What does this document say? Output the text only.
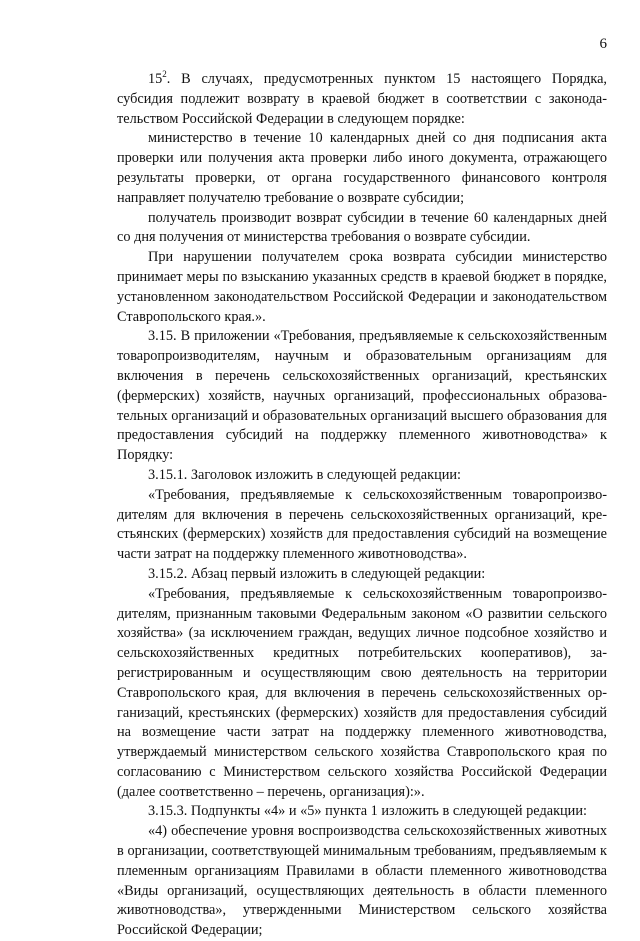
6

$15^2$. В случаях, предусмотренных пунктом 15 настоящего Порядка, субсидия подлежит возврату в краевой бюджет в соответствии с законодательством Российской Федерации в следующем порядке:

министерство в течение 10 календарных дней со дня подписания акта проверки или получения акта проверки либо иного документа, отражающего результаты проверки, от органа государственного финансового контроля направляет получателю требование о возврате субсидии;

получатель производит возврат субсидии в течение 60 календарных дней со дня получения от министерства требования о возврате субсидии.

При нарушении получателем срока возврата субсидии министерство принимает меры по взысканию указанных средств в краевой бюджет в порядке, установленном законодательством Российской Федерации и законодательством Ставропольского края.».

3.15. В приложении «Требования, предъявляемые к сельскохозяйственным товаропроизводителям, научным и образовательным организациям для включения в перечень сельскохозяйственных организаций, крестьянских (фермерских) хозяйств, научных организаций, профессиональных образовательных организаций и образовательных организаций высшего образования для предоставления субсидий на поддержку племенного животноводства» к Порядку:

3.15.1. Заголовок изложить в следующей редакции:

«Требования, предъявляемые к сельскохозяйственным товаропроизводителям для включения в перечень сельскохозяйственных организаций, крестьянских (фермерских) хозяйств для предоставления субсидий на возмещение части затрат на поддержку племенного животноводства».

3.15.2. Абзац первый изложить в следующей редакции:

«Требования, предъявляемые к сельскохозяйственным товаропроизводителям, признанным таковыми Федеральным законом «О развитии сельского хозяйства» (за исключением граждан, ведущих личное подсобное хозяйство и сельскохозяйственных кредитных потребительских кооперативов), зарегистрированным и осуществляющим свою деятельность на территории Ставропольского края, для включения в перечень сельскохозяйственных организаций, крестьянских (фермерских) хозяйств для предоставления субсидий на возмещение части затрат на поддержку племенного животноводства, утверждаемый министерством сельского хозяйства Ставропольского края по согласованию с Министерством сельского хозяйства Российской Федерации (далее соответственно – перечень, организация):».

3.15.3. Подпункты «4» и «5» пункта 1 изложить в следующей редакции:

«4) обеспечение уровня воспроизводства сельскохозяйственных животных в организации, соответствующей минимальным требованиям, предъявляемым к племенным организациям Правилами в области племенного животноводства «Виды организаций, осуществляющих деятельность в области племенного животноводства», утвержденными Министерством сельского хозяйства Российской Федерации;
